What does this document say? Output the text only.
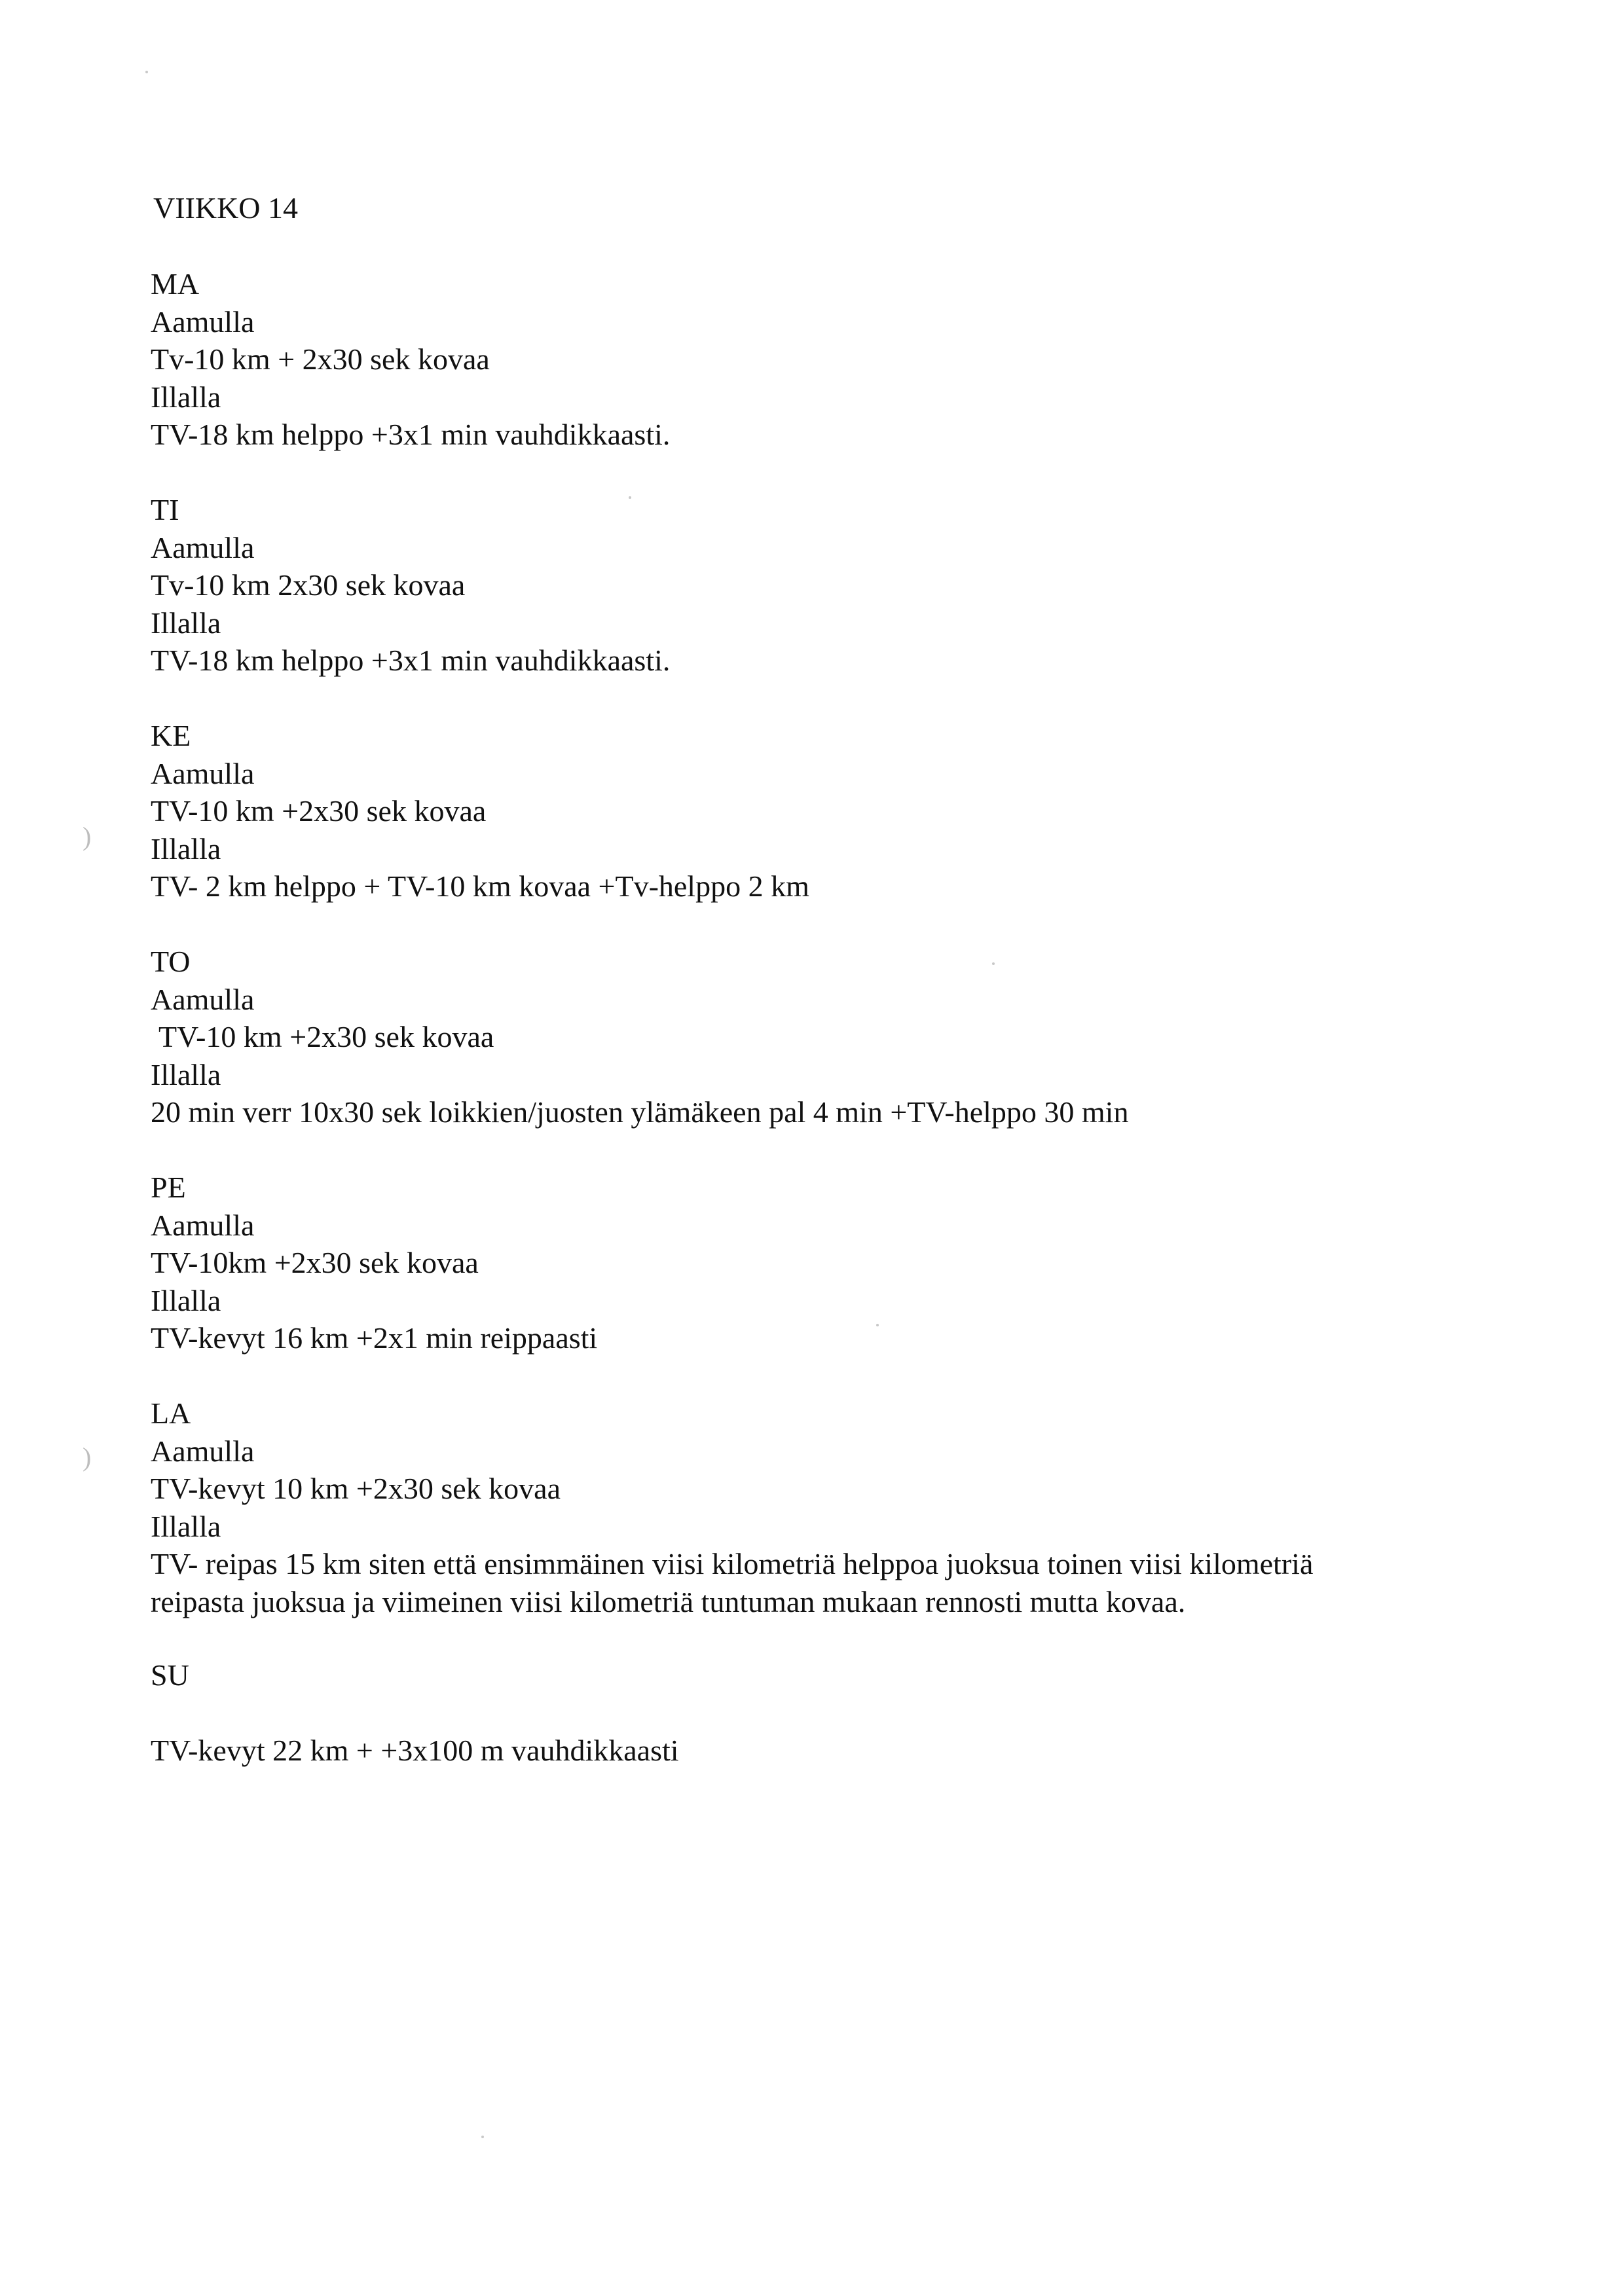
VIIKKO 14
MA
Aamulla
Tv-10 km + 2x30 sek kovaa
Illalla
TV-18 km helppo +3x1 min vauhdikkaasti.
TI
Aamulla
Tv-10 km 2x30 sek kovaa
Illalla
TV-18 km helppo +3x1 min vauhdikkaasti.
KE
Aamulla
TV-10 km +2x30 sek kovaa
Illalla
TV- 2 km helppo + TV-10 km kovaa +Tv-helppo 2 km
TO
Aamulla
TV-10 km +2x30 sek kovaa
Illalla
20 min verr 10x30 sek loikkien/juosten ylämäkeen pal 4 min +TV-helppo 30 min
PE
Aamulla
TV-10km +2x30 sek kovaa
Illalla
TV-kevyt 16 km +2x1 min reippaasti
LA
Aamulla
TV-kevyt 10 km +2x30 sek kovaa
Illalla
TV- reipas 15 km siten että ensimmäinen viisi kilometriä helppoa juoksua toinen viisi kilometriä
reipasta juoksua ja viimeinen viisi kilometriä tuntuman mukaan rennosti mutta kovaa.
SU
TV-kevyt 22 km + +3x100 m vauhdikkaasti
)
)
